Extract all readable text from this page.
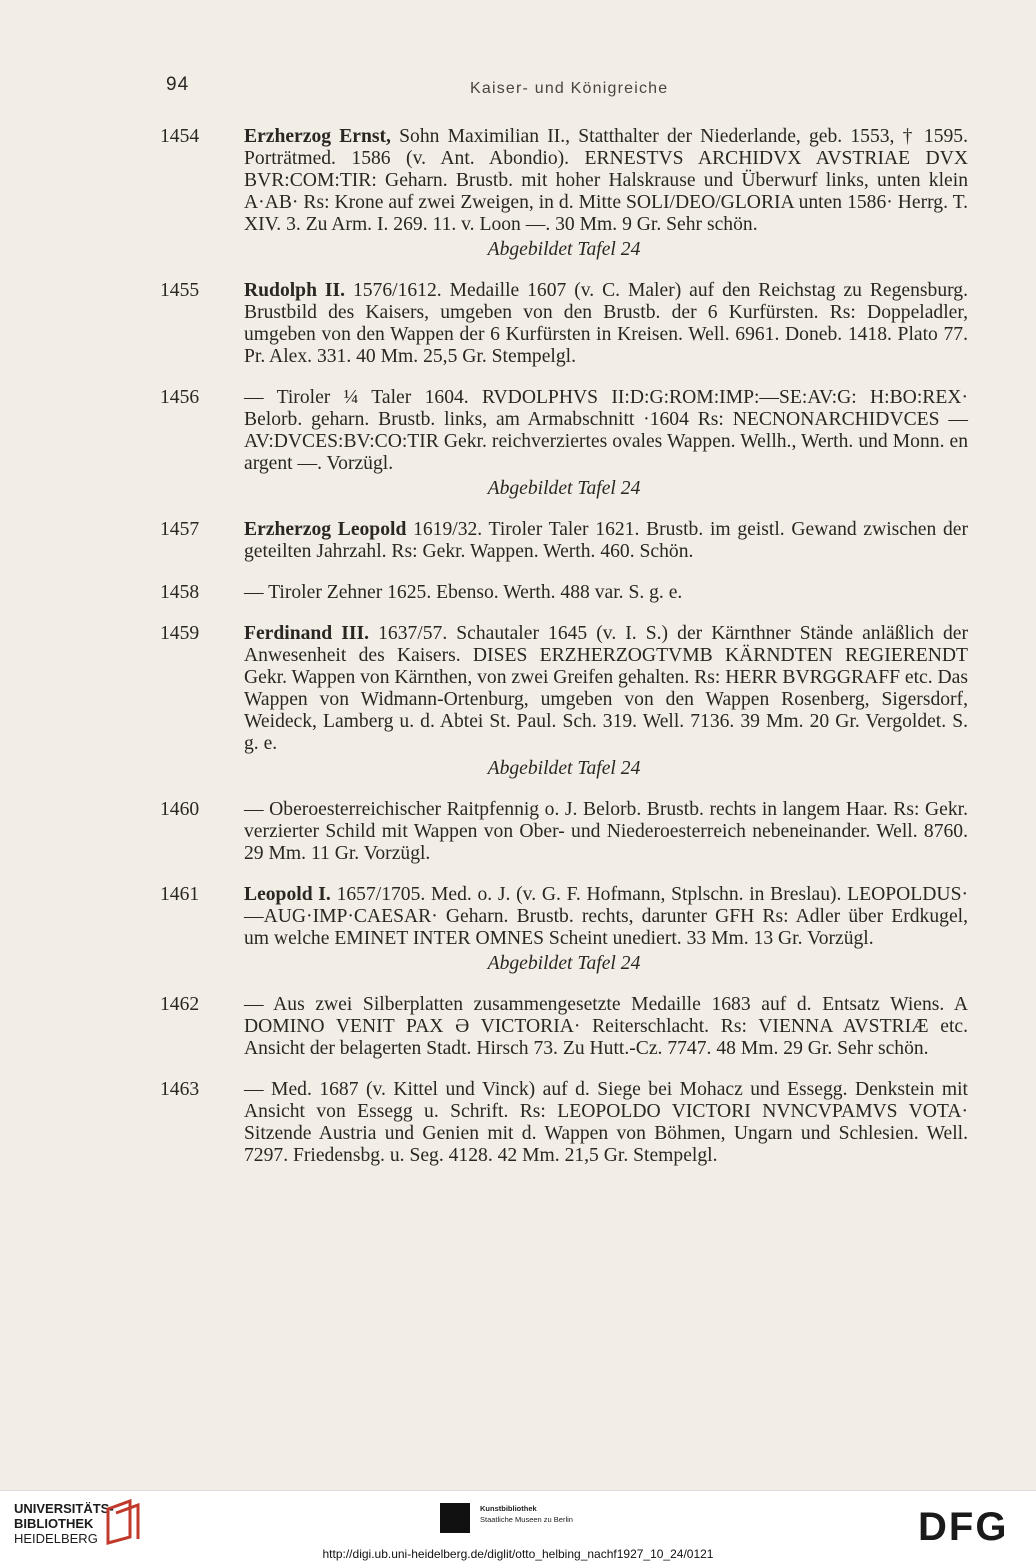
94	Kaiser- und Königreiche
1454 Erzherzog Ernst, Sohn Maximilian II., Statthalter der Niederlande, geb. 1553, † 1595. Porträtmed. 1586 (v. Ant. Abondio). ERNESTVS ARCHIDVX AVSTRIAE DVX BVR:COM:TIR: Geharn. Brustb. mit hoher Halskrause und Überwurf links, unten klein A·AB· Rs: Krone auf zwei Zweigen, in d. Mitte SOLI/DEO/GLORIA unten 1586· Herrg. T. XIV. 3. Zu Arm. I. 269. 11. v. Loon —. 30 Mm. 9 Gr. Sehr schön.
Abgebildet Tafel 24
1455 Rudolph II. 1576/1612. Medaille 1607 (v. C. Maler) auf den Reichstag zu Regensburg. Brustbild des Kaisers, umgeben von den Brustb. der 6 Kurfürsten. Rs: Doppeladler, umgeben von den Wappen der 6 Kurfürsten in Kreisen. Well. 6961. Doneb. 1418. Plato 77. Pr. Alex. 331. 40 Mm. 25,5 Gr. Stempelgl.
1456 — Tiroler ¼ Taler 1604. RVDOLPHVS II:D:G:ROM:IMP:—SE:AV:G: H:BO:REX· Belorb. geharn. Brustb. links, am Armabschnitt ·1604 Rs: NECNONARCHIDVCES — AV:DVCES:BV:CO:TIR Gekr. reichverziertes ovales Wappen. Wellh., Werth. und Monn. en argent —. Vorzügl.
Abgebildet Tafel 24
1457 Erzherzog Leopold 1619/32. Tiroler Taler 1621. Brustb. im geistl. Gewand zwischen der geteilten Jahrzahl. Rs: Gekr. Wappen. Werth. 460. Schön.
1458 — Tiroler Zehner 1625. Ebenso. Werth. 488 var. S. g. e.
1459 Ferdinand III. 1637/57. Schautaler 1645 (v. I. S.) der Kärnthner Stände anläßlich der Anwesenheit des Kaisers. DISES ERZHERZOGTVMB KÄRNDTEN REGIERENDT Gekr. Wappen von Kärnthen, von zwei Greifen gehalten. Rs: HERR BVRGGRAFF etc. Das Wappen von Widmann-Ortenburg, umgeben von den Wappen Rosenberg, Sigersdorf, Weideck, Lamberg u. d. Abtei St. Paul. Sch. 319. Well. 7136. 39 Mm. 20 Gr. Vergoldet. S. g. e.
Abgebildet Tafel 24
1460 — Oberoesterreichischer Raitpfennig o. J. Belorb. Brustb. rechts in langem Haar. Rs: Gekr. verzierter Schild mit Wappen von Ober- und Niederoesterreich nebeneinander. Well. 8760. 29 Mm. 11 Gr. Vorzügl.
1461 Leopold I. 1657/1705. Med. o. J. (v. G. F. Hofmann, Stplschn. in Breslau). LEOPOLDUS·—AUG·IMP·CAESAR· Geharn. Brustb. rechts, darunter GFH Rs: Adler über Erdkugel, um welche EMINET INTER OMNES Scheint unediert. 33 Mm. 13 Gr. Vorzügl.
Abgebildet Tafel 24
1462 — Aus zwei Silberplatten zusammengesetzte Medaille 1683 auf d. Entsatz Wiens. A DOMINO VENIT PAX Ə VICTORIA· Reiterschlacht. Rs: VIENNA AVSTRIÆ etc. Ansicht der belagerten Stadt. Hirsch 73. Zu Hutt.-Cz. 7747. 48 Mm. 29 Gr. Sehr schön.
1463 — Med. 1687 (v. Kittel und Vinck) auf d. Siege bei Mohacz und Essegg. Denkstein mit Ansicht von Essegg u. Schrift. Rs: LEOPOLDO VICTORI NVNCVPAMVS VOTA· Sitzende Austria und Genien mit d. Wappen von Böhmen, Ungarn und Schlesien. Well. 7297. Friedensbg. u. Seg. 4128. 42 Mm. 21,5 Gr. Stempelgl.
UNIVERSITÄTS-
BIBLIOTHEK
HEIDELBERG
Kunstbibliothek
Staatliche Museen zu Berlin	DFG
http://digi.ub.uni-heidelberg.de/diglit/otto_helbing_nachf1927_10_24/0121
